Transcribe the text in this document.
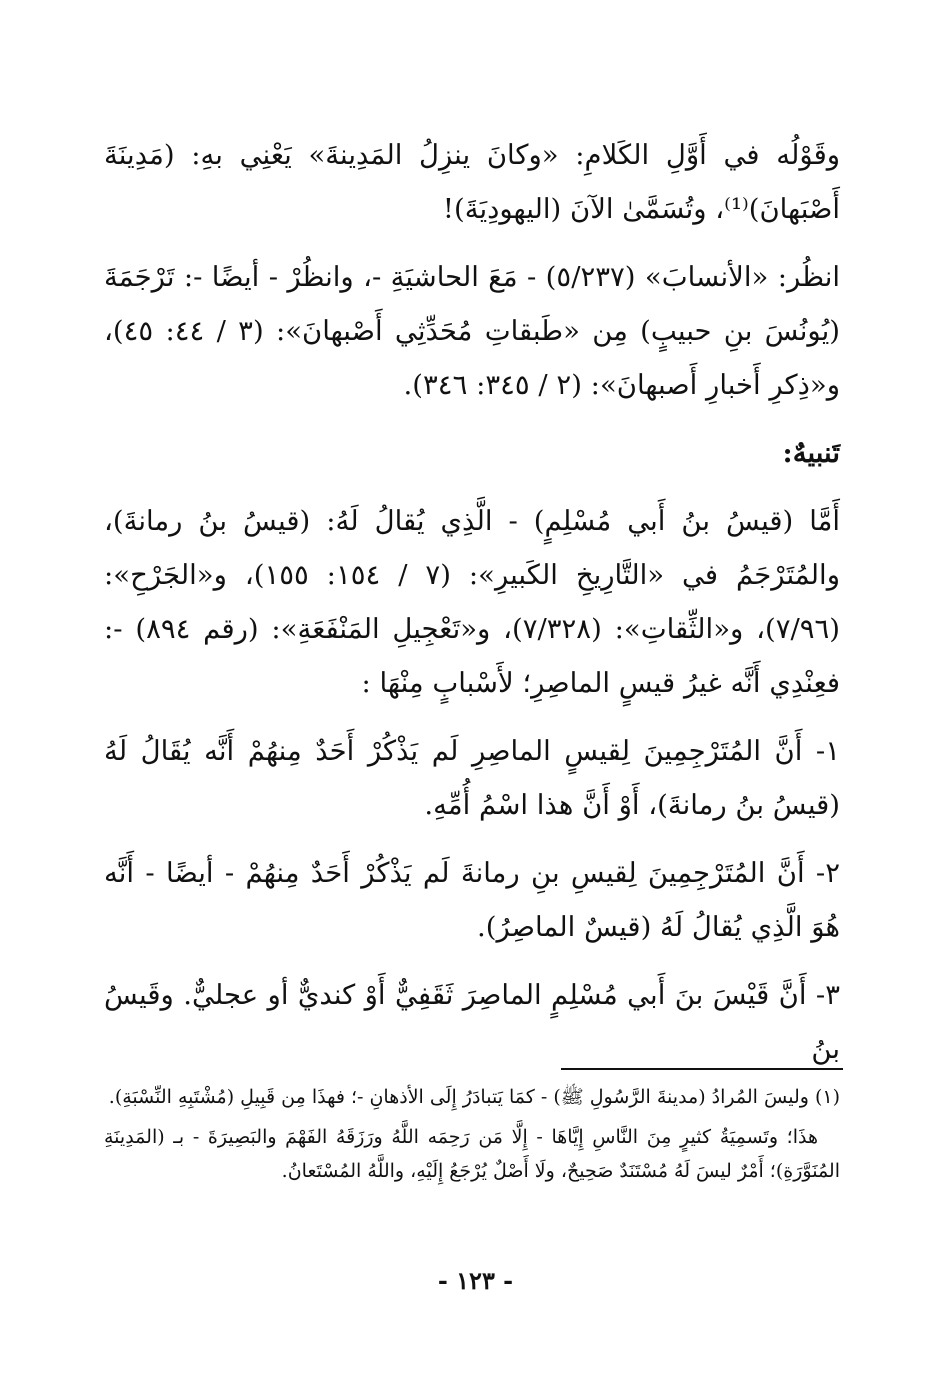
وقَوْلُه في أَوَّلِ الكَلامِ: «وكانَ ينزِلُ المَدِينةَ» يَعْنِي بهِ: (مَدِينَةَ أَصْبَهانَ)⁽¹⁾، وتُسَمَّىٰ الآنَ (اليهودِيَةَ)!

انظُر: «الأنسابَ» (٥/٢٣٧) - مَعَ الحاشيَةِ -، وانظُرْ - أيضًا -: تَرْجَمَةَ (يُونُسَ بنِ حبيبٍ) مِن «طَبقاتِ مُحَدِّثِي أَصْبهانَ»: (٣ / ٤٤: ٤٥)، و«ذِكرِ أَخبارِ أَصبهانَ»: (٢ / ٣٤٥: ٣٤٦).

تَنبيهٌ:

أَمَّا (قيسُ بنُ أَبي مُسْلِمٍ) - الَّذِي يُقالُ لَهُ: (قيسُ بنُ رمانةَ)، والمُتَرْجَمُ في «التَّارِيخِ الكَبيرِ»: (٧ / ١٥٤: ١٥٥)، و«الجَرْحِ»: (٧/٩٦)، و«الثِّقاتِ»: (٧/٣٢٨)، و«تَعْجِيلِ المَنْفَعَةِ»: (رقم ٨٩٤) -: فعِنْدِي أَنَّه غيرُ قيسٍ الماصِرِ؛ لأَسْبابٍ مِنْهَا :

١- أَنَّ المُتَرْجِمِينَ لِقيسٍ الماصِرِ لَم يَذْكُرْ أَحَدٌ مِنهُمْ أَنَّه يُقَالُ لَهُ (قيسُ بنُ رمانةَ)، أَوْ أَنَّ هذا اسْمُ أُمِّهِ.

٢- أَنَّ المُتَرْجِمِينَ لِقيسِ بنِ رمانةَ لَم يَذْكُرْ أَحَدٌ مِنهُمْ - أيضًا - أَنَّه هُوَ الَّذِي يُقالُ لَهُ (قيسٌ الماصِرُ).

٣- أَنَّ قَيْسَ بنَ أَبي مُسْلِمٍ الماصِرَ ثَقَفِيٌّ أَوْ كنديٌّ أو عجليٌّ. وقَيسُ بنُ

(١) وليسَ المُرادُ (مدينةَ الرَّسُولِ ﷺ) - كمَا يَتبادَرُ إِلَى الأذهانِ -؛ فهذَا مِن قَبِيلِ (مُشْتَبِهِ النِّسْبَةِ).

هذَا؛ وتَسمِيَةُ كثيرٍ مِنَ النَّاسِ إِيَّاهَا - إِلَّا مَن رَحِمَه اللَّهُ ورَزَقَهُ الفَهْمَ والبَصِيرَةَ - بـ (المَدِينَةِ المُنَوَّرَةِ)؛ أَمْرٌ ليسَ لَهُ مُسْتَنَدٌ صَحِيحٌ، ولَا أَصْلٌ يُرْجَعُ إِلَيْهِ، واللَّهُ المُسْتَعانُ.

- ١٢٣ -
